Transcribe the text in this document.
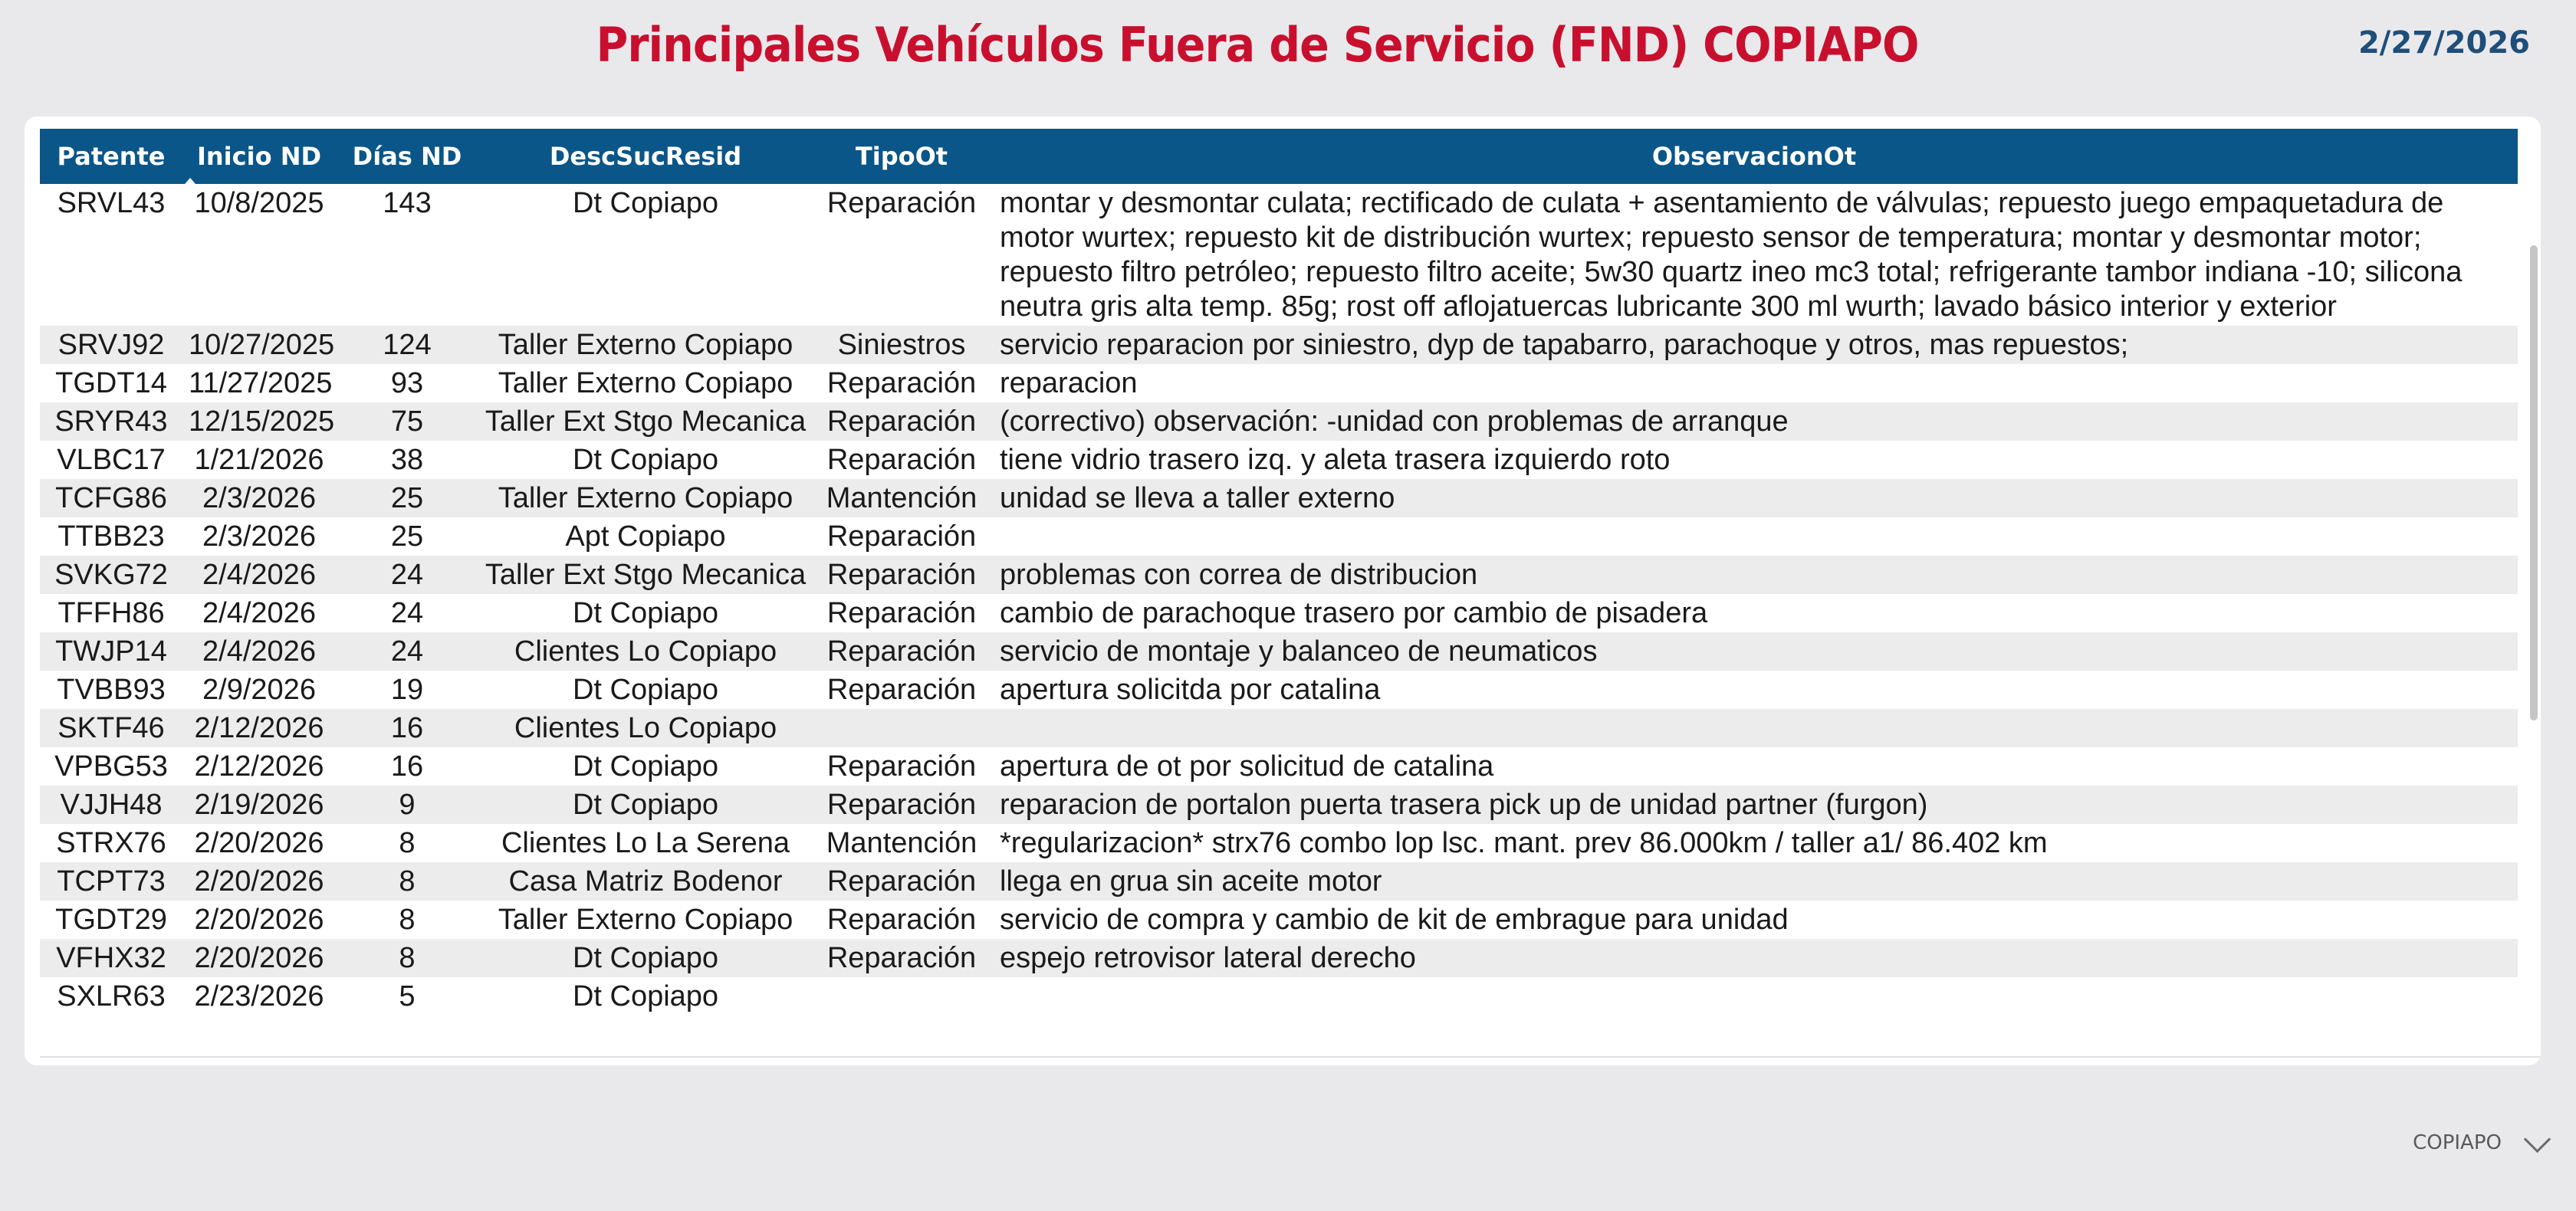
Principales Vehículos Fuera de Servicio (FND) COPIAPO	2/27/2026
Patente	Inicio ND	Días ND	DescSucResid	TipoOt	ObservacionOt
SRVL43	10/8/2025	143	Dt Copiapo	Reparación	montar y desmontar culata; rectificado de culata + asentamiento de válvulas; repuesto juego empaquetadura de motor wurtex; repuesto kit de distribución wurtex; repuesto sensor de temperatura; montar y desmontar motor; repuesto filtro petróleo; repuesto filtro aceite; 5w30 quartz ineo mc3 total; refrigerante tambor indiana -10; silicona neutra gris alta temp. 85g; rost off aflojatuercas lubricante 300 ml wurth; lavado básico interior y exterior
SRVJ92	10/27/2025	124	Taller Externo Copiapo	Siniestros	servicio reparacion por siniestro, dyp de tapabarro, parachoque y otros, mas repuestos;
TGDT14	11/27/2025	93	Taller Externo Copiapo	Reparación	reparacion
SRYR43	12/15/2025	75	Taller Ext Stgo Mecanica	Reparación	(correctivo) observación: -unidad con problemas de arranque
VLBC17	1/21/2026	38	Dt Copiapo	Reparación	tiene vidrio trasero izq. y aleta trasera izquierdo roto
TCFG86	2/3/2026	25	Taller Externo Copiapo	Mantención	unidad se lleva a taller externo
TTBB23	2/3/2026	25	Apt Copiapo	Reparación	
SVKG72	2/4/2026	24	Taller Ext Stgo Mecanica	Reparación	problemas con correa de distribucion
TFFH86	2/4/2026	24	Dt Copiapo	Reparación	cambio de parachoque trasero por cambio de pisadera
TWJP14	2/4/2026	24	Clientes Lo Copiapo	Reparación	servicio de montaje y balanceo de neumaticos
TVBB93	2/9/2026	19	Dt Copiapo	Reparación	apertura solicitda por catalina
SKTF46	2/12/2026	16	Clientes Lo Copiapo		
VPBG53	2/12/2026	16	Dt Copiapo	Reparación	apertura de ot por solicitud de catalina
VJJH48	2/19/2026	9	Dt Copiapo	Reparación	reparacion de portalon puerta trasera pick up de unidad partner (furgon)
STRX76	2/20/2026	8	Clientes Lo La Serena	Mantención	*regularizacion* strx76 combo lop lsc. mant. prev 86.000km / taller a1/ 86.402 km
TCPT73	2/20/2026	8	Casa Matriz Bodenor	Reparación	llega en grua sin aceite motor
TGDT29	2/20/2026	8	Taller Externo Copiapo	Reparación	servicio de compra y cambio de kit de embrague para unidad
VFHX32	2/20/2026	8	Dt Copiapo	Reparación	espejo retrovisor lateral derecho
SXLR63	2/23/2026	5	Dt Copiapo		
COPIAPO
